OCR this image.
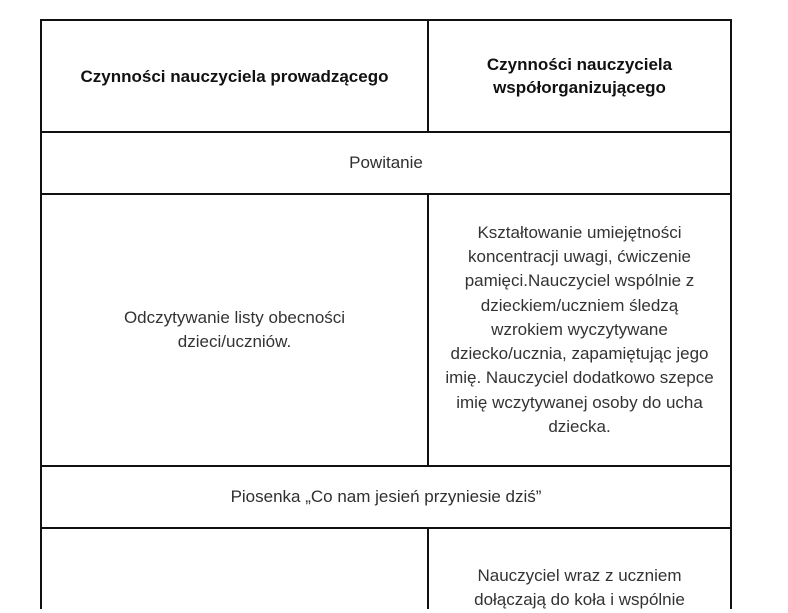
Czynności nauczyciela prowadzącego
Czynności nauczyciela współorganizującego
Powitanie
Odczytywanie listy obecności dzieci/uczniów.
Kształtowanie umiejętności koncentracji uwagi, ćwiczenie pamięci.Nauczyciel wspólnie z dzieckiem/uczniem śledzą wzrokiem wyczytywane dziecko/ucznia, zapamiętując jego imię. Nauczyciel dodatkowo szepce imię wczytywanej osoby do ucha dziecka.
Piosenka „Co nam jesień przyniesie dziś”
Nauczyciel wraz z uczniem dołączają do koła i wspólnie
